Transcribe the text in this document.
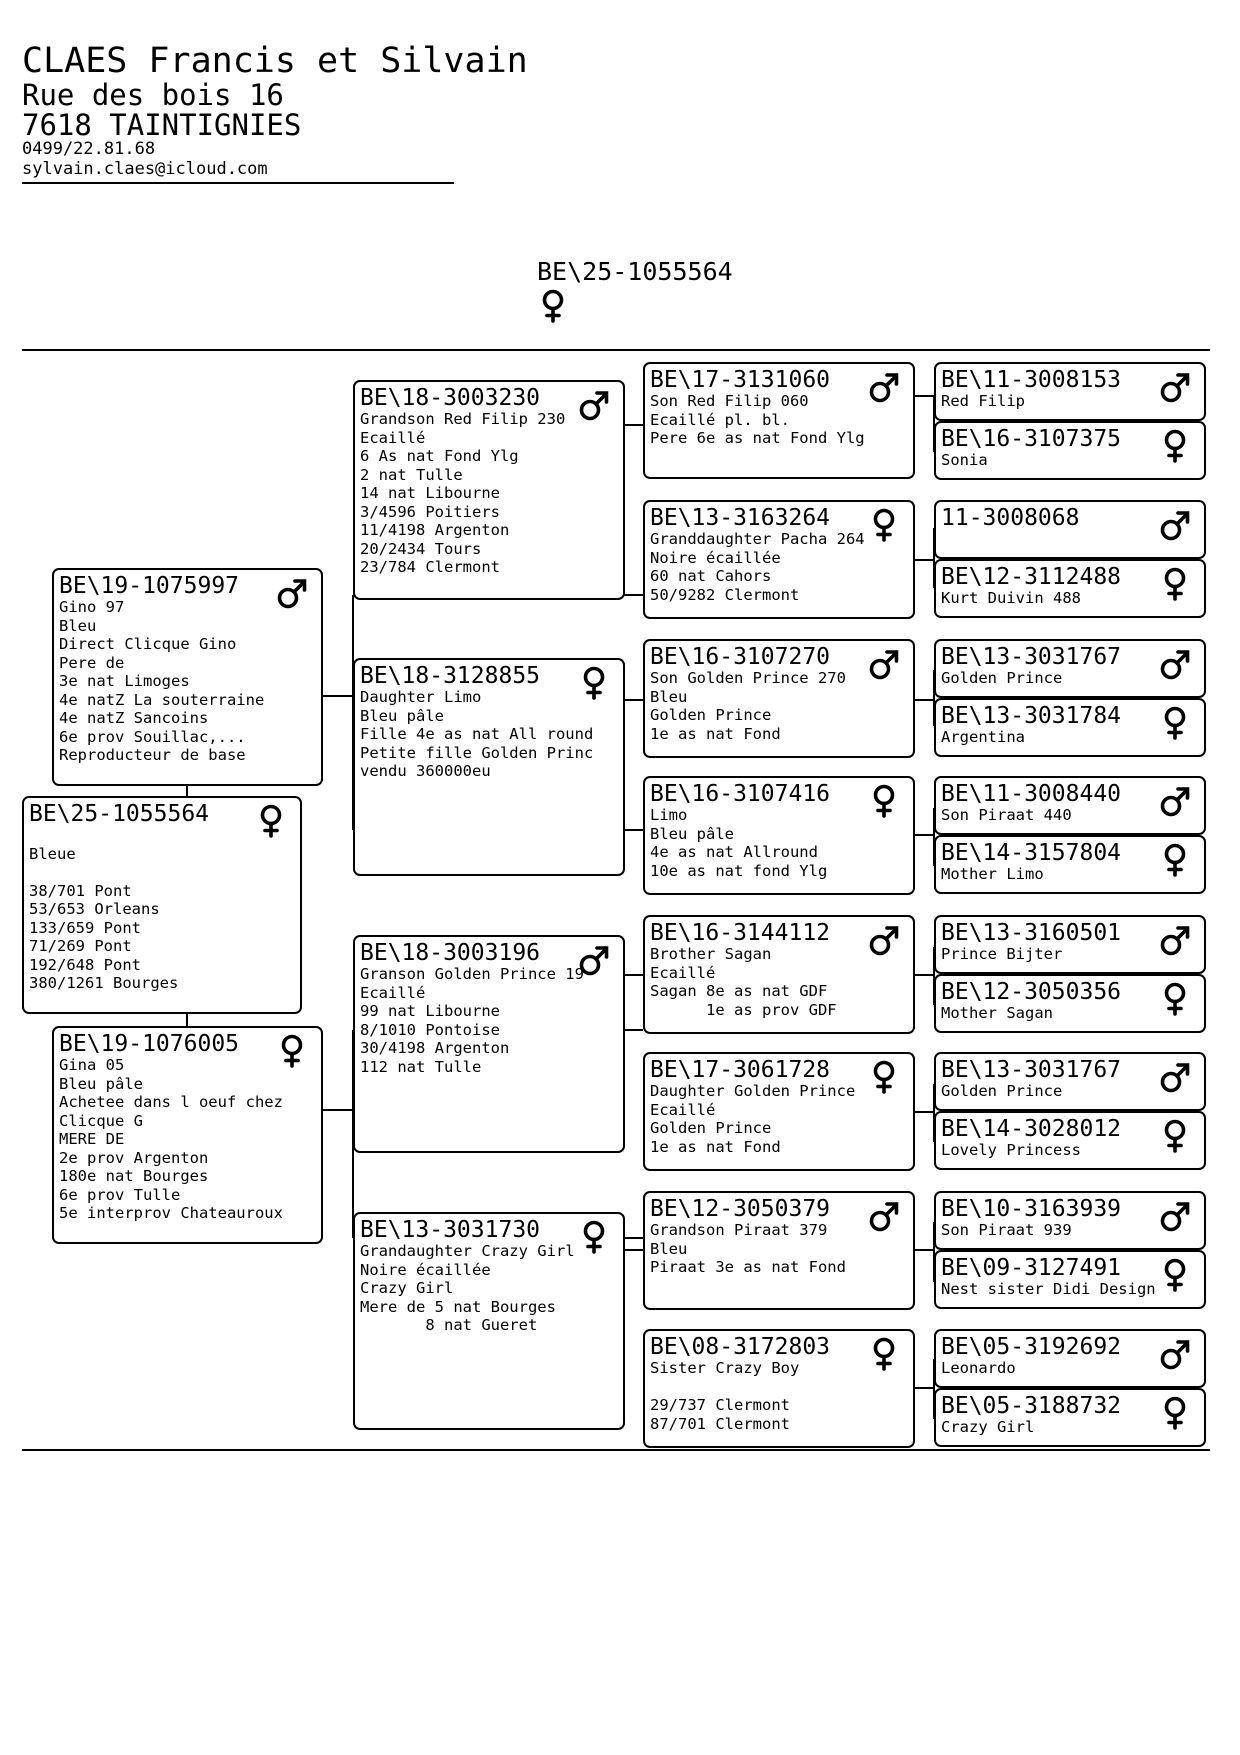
CLAES Francis et Silvain
Rue des bois 16
7618 TAINTIGNIES
0499/22.81.68
sylvain.claes@icloud.com
BE\25-1055564
BE\25-1055564

Bleue

38/701 Pont
53/653 Orleans
133/659 Pont
71/269 Pont
192/648 Pont
380/1261 Bourges
BE\19-1075997
Gino 97
Bleu
Direct Clicque Gino
Pere de
3e nat Limoges
4e natZ La souterraine
4e natZ Sancoins
6e prov Souillac,...
Reproducteur de base
BE\19-1076005
Gina 05
Bleu pâle
Achetee dans l oeuf chez
Clicque G
MERE DE
2e prov Argenton
180e nat Bourges
6e prov Tulle
5e interprov Chateauroux
BE\18-3003230
Grandson Red Filip 230
Ecaillé
6 As nat Fond Ylg
2 nat Tulle
14 nat Libourne
3/4596 Poitiers
11/4198 Argenton
20/2434 Tours
23/784 Clermont
BE\18-3128855
Daughter Limo
Bleu pâle
Fille 4e as nat All round
Petite fille Golden Princ
vendu 360000eu
BE\18-3003196
Granson Golden Prince 19
Ecaillé
99 nat Libourne
8/1010 Pontoise
30/4198 Argenton
112 nat Tulle
BE\13-3031730
Grandaughter Crazy Girl
Noire écaillée
Crazy Girl
Mere de 5 nat Bourges
8 nat Gueret
BE\17-3131060
Son Red Filip 060
Ecaillé pl. bl.
Pere 6e as nat Fond Ylg
BE\13-3163264
Granddaughter Pacha 264
Noire écaillée
60 nat Cahors
50/9282 Clermont
BE\16-3107270
Son Golden Prince 270
Bleu
Golden Prince
1e as nat Fond
BE\16-3107416
Limo
Bleu pâle
4e as nat Allround
10e as nat fond Ylg
BE\16-3144112
Brother Sagan
Ecaillé
Sagan 8e as nat GDF
1e as prov GDF
BE\17-3061728
Daughter Golden Prince
Ecaillé
Golden Prince
1e as nat Fond
BE\12-3050379
Grandson Piraat 379
Bleu
Piraat 3e as nat Fond
BE\08-3172803
Sister Crazy Boy

29/737 Clermont
87/701 Clermont
BE\11-3008153
Red Filip
BE\16-3107375
Sonia
11-3008068
BE\12-3112488
Kurt Duivin 488
BE\13-3031767
Golden Prince
BE\13-3031784
Argentina
BE\11-3008440
Son Piraat 440
BE\14-3157804
Mother Limo
BE\13-3160501
Prince Bijter
BE\12-3050356
Mother Sagan
BE\13-3031767
Golden Prince
BE\14-3028012
Lovely Princess
BE\10-3163939
Son Piraat 939
BE\09-3127491
Nest sister Didi Design
BE\05-3192692
Leonardo
BE\05-3188732
Crazy Girl
